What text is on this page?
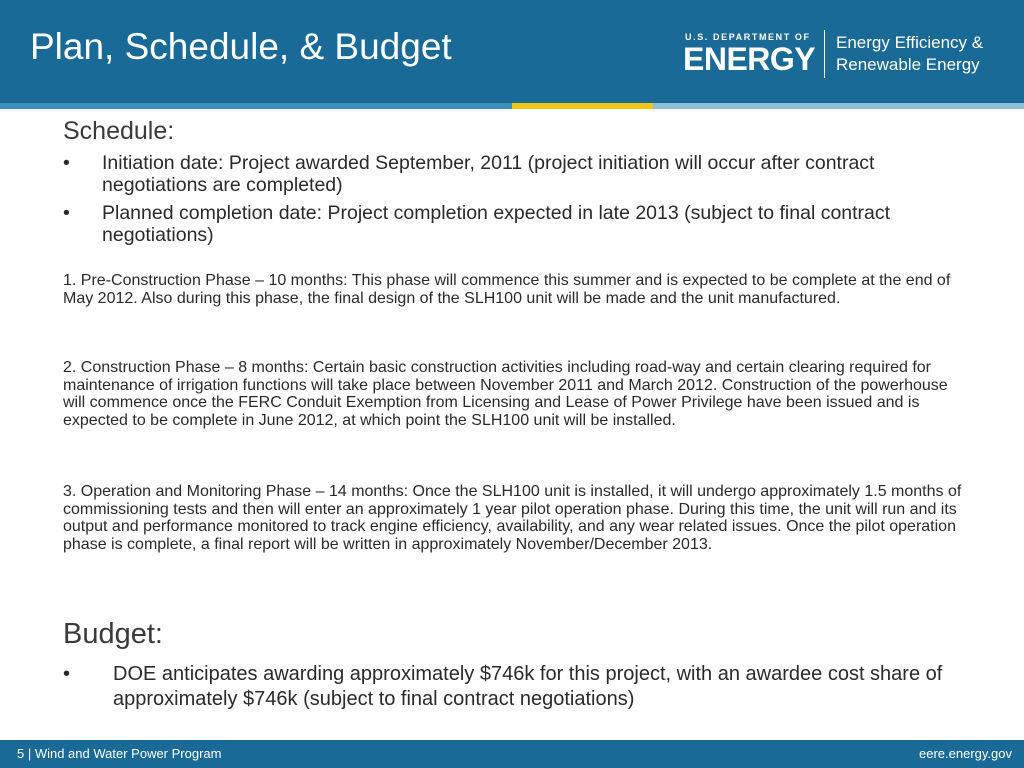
Plan, Schedule, & Budget	U.S. DEPARTMENT OF
ENERGY Energy Efficiency &
Renewable Energy
Schedule:
• Initiation date: Project awarded September, 2011 (project initiation will occur after contract negotiations are completed)
• Planned completion date: Project completion expected in late 2013 (subject to final contract negotiations)

1. Pre-Construction Phase – 10 months: This phase will commence this summer and is expected to be complete at the end of May 2012. Also during this phase, the final design of the SLH100 unit will be made and the unit manufactured.

2. Construction Phase – 8 months: Certain basic construction activities including road-way and certain clearing required for maintenance of irrigation functions will take place between November 2011 and March 2012. Construction of the powerhouse will commence once the FERC Conduit Exemption from Licensing and Lease of Power Privilege have been issued and is expected to be complete in June 2012, at which point the SLH100 unit will be installed.

3. Operation and Monitoring Phase – 14 months: Once the SLH100 unit is installed, it will undergo approximately 1.5 months of commissioning tests and then will enter an approximately 1 year pilot operation phase. During this time, the unit will run and its output and performance monitored to track engine efficiency, availability, and any wear related issues. Once the pilot operation phase is complete, a final report will be written in approximately November/December 2013.

Budget:
• DOE anticipates awarding approximately $746k for this project, with an awardee cost share of approximately $746k (subject to final contract negotiations)
5 | Wind and Water Power Program	eere.energy.gov
